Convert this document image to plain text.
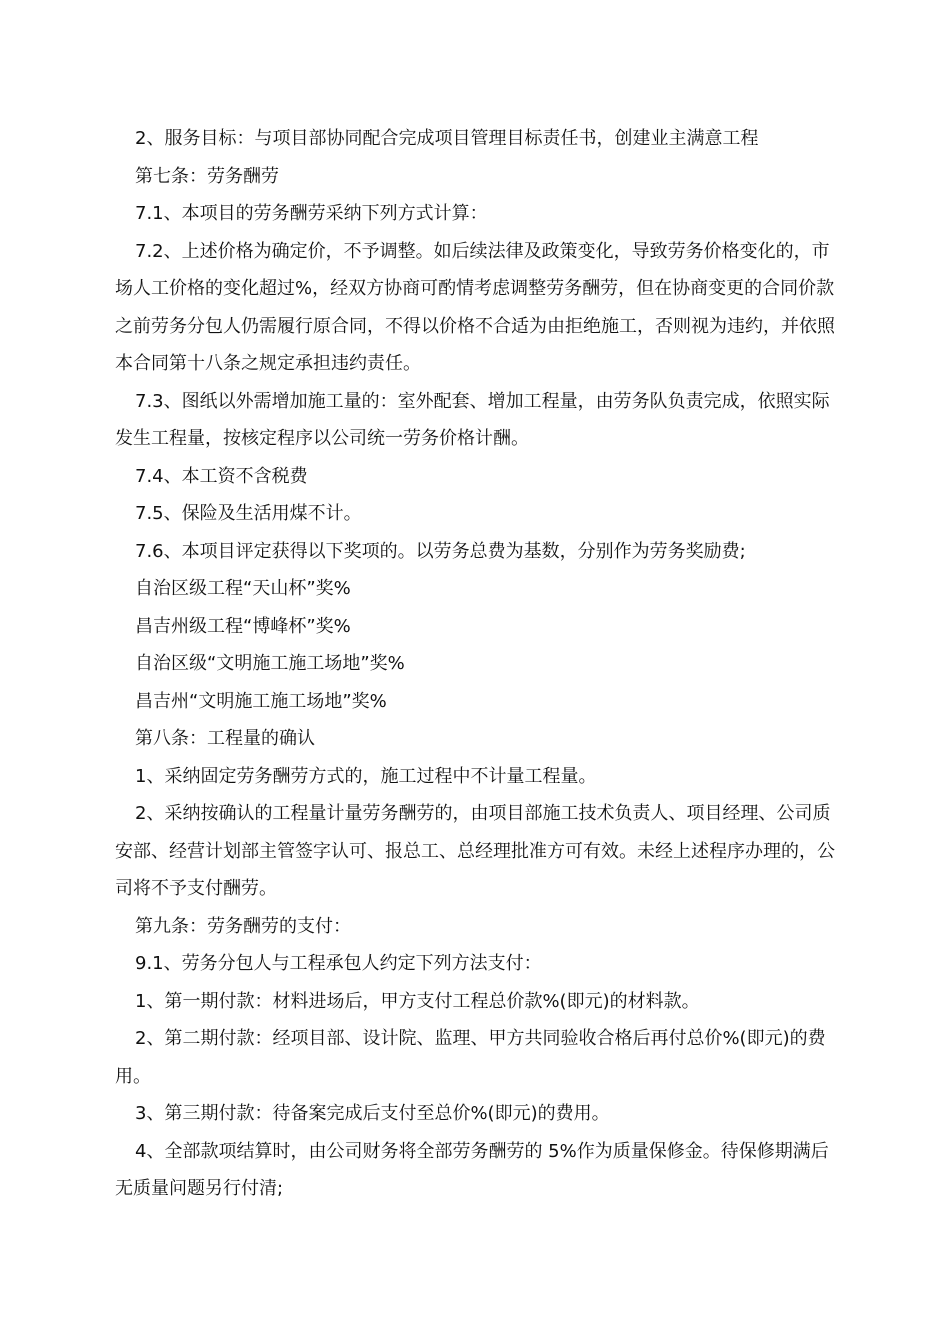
2、服务目标：与项目部协同配合完成项目管理目标责任书，创建业主满意工程

第七条：劳务酬劳

7.1、本项目的劳务酬劳采纳下列方式计算：

7.2、上述价格为确定价，不予调整。如后续法律及政策变化，导致劳务价格变化的，市场人工价格的变化超过%，经双方协商可酌情考虑调整劳务酬劳，但在协商变更的合同价款之前劳务分包人仍需履行原合同，不得以价格不合适为由拒绝施工，否则视为违约，并依照本合同第十八条之规定承担违约责任。

7.3、图纸以外需增加施工量的：室外配套、增加工程量，由劳务队负责完成，依照实际发生工程量，按核定程序以公司统一劳务价格计酬。

7.4、本工资不含税费

7.5、保险及生活用煤不计。

7.6、本项目评定获得以下奖项的。以劳务总费为基数，分别作为劳务奖励费;

自治区级工程“天山杯”奖%

昌吉州级工程“博峰杯”奖%

自治区级“文明施工施工场地”奖%

昌吉州“文明施工施工场地”奖%

第八条：工程量的确认

1、采纳固定劳务酬劳方式的，施工过程中不计量工程量。

2、采纳按确认的工程量计量劳务酬劳的，由项目部施工技术负责人、项目经理、公司质安部、经营计划部主管签字认可、报总工、总经理批准方可有效。未经上述程序办理的，公司将不予支付酬劳。

第九条：劳务酬劳的支付：

9.1、劳务分包人与工程承包人约定下列方法支付：

1、第一期付款：材料进场后，甲方支付工程总价款%(即元)的材料款。

2、第二期付款：经项目部、设计院、监理、甲方共同验收合格后再付总价%(即元)的费用。

3、第三期付款：待备案完成后支付至总价%(即元)的费用。

4、全部款项结算时，由公司财务将全部劳务酬劳的 5%作为质量保修金。待保修期满后无质量问题另行付清;
